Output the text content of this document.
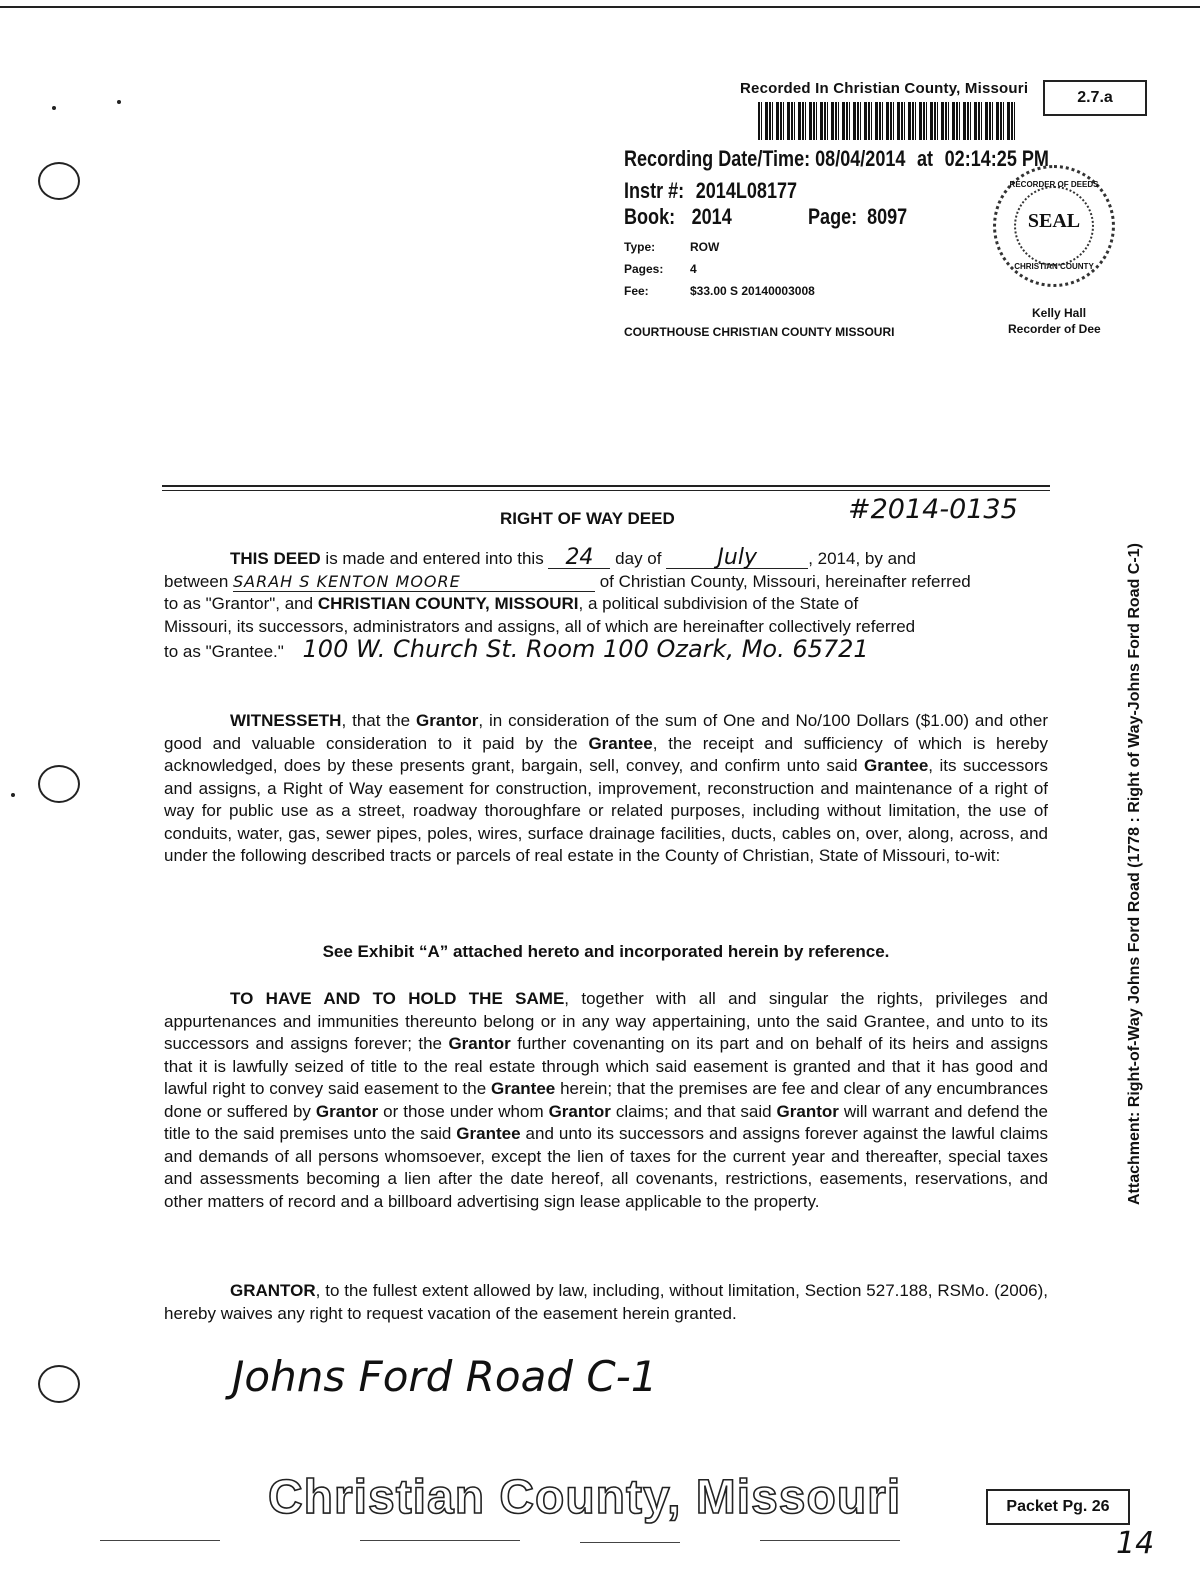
Recorded In Christian County, Missouri
2.7.a
Recording Date/Time: 08/04/2014 at 02:14:25 PM
Instr #: 2014L08177
Book: 2014	Page: 8097
Type:	ROW
Pages: 4
Fee:	$33.00 S 20140003008
COURTHOUSE CHRISTIAN COUNTY MISSOURI
RECORDER OF DEEDS
SEAL
CHRISTIAN COUNTY
Kelly Hall
Recorder of Dee
RIGHT OF WAY DEED	#2014-0135
THIS DEED is made and entered into this 24 day of July	, 2014, by and
between SARAH S KENTON MOORE	of Christian County, Missouri, hereinafter referred
to as "Grantor", and CHRISTIAN COUNTY, MISSOURI, a political subdivision of the State of
Missouri, its successors, administrators and assigns, all of which are hereinafter collectively referred
to as "Grantee." 100 W. Church St. Room 100 Ozark, Mo. 65721
WITNESSETH, that the Grantor, in consideration of the sum of One and No/100 Dollars ($1.00) and other good and valuable consideration to it paid by the Grantee, the receipt and sufficiency of which is hereby acknowledged, does by these presents grant, bargain, sell, convey, and confirm unto said Grantee, its successors and assigns, a Right of Way easement for construction, improvement, reconstruction and maintenance of a right of way for public use as a street, roadway thoroughfare or related purposes, including without limitation, the use of conduits, water, gas, sewer pipes, poles, wires, surface drainage facilities, ducts, cables on, over, along, across, and under the following described tracts or parcels of real estate in the County of Christian, State of Missouri, to-wit:
See Exhibit “A” attached hereto and incorporated herein by reference.
TO HAVE AND TO HOLD THE SAME, together with all and singular the rights, privileges and appurtenances and immunities thereunto belong or in any way appertaining, unto the said Grantee, and unto to its successors and assigns forever; the Grantor further covenanting on its part and on behalf of its heirs and assigns that it is lawfully seized of title to the real estate through which said easement is granted and that it has good and lawful right to convey said easement to the Grantee herein; that the premises are fee and clear of any encumbrances done or suffered by Grantor or those under whom Grantor claims; and that said Grantor will warrant and defend the title to the said premises unto the said Grantee and unto its successors and assigns forever against the lawful claims and demands of all persons whomsoever, except the lien of taxes for the current year and thereafter, special taxes and assessments becoming a lien after the date hereof, all covenants, restrictions, easements, reservations, and other matters of record and a billboard advertising sign lease applicable to the property.
GRANTOR, to the fullest extent allowed by law, including, without limitation, Section 527.188, RSMo. (2006), hereby waives any right to request vacation of the easement herein granted.
Johns Ford Road C-1
Christian County, Missouri	Packet Pg. 26
14
Attachment: Right-of-Way Johns Ford Road (1778 : Right of Way-Johns Ford Road C-1)
